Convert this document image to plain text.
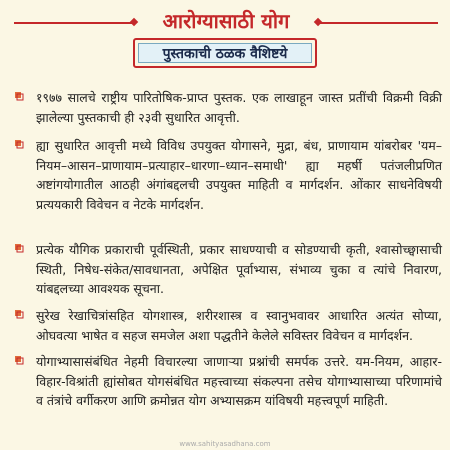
आरोग्यासाठी योग
पुस्तकाची ठळक वैशिष्टये
१९७७ सालचे राष्ट्रीय पारितोषिक-प्राप्त पुस्तक. एक लाखाहून जास्त प्रतींची विक्रमी विक्री झालेल्या पुस्तकाची ही २३वी सुधारित आवृत्ती.
ह्या सुधारित आवृत्ती मध्ये विविध उपयुक्त योगासने, मुद्रा, बंध, प्राणायाम यांबरोबर 'यम–नियम–आसन–प्राणायाम–प्रत्याहार–धारणा–ध्यान–समाधी' ह्या महर्षी पतंजलीप्रणित अष्टांगयोगातील आठही अंगांबद्दलची उपयुक्त माहिती व मार्गदर्शन. ओंकार साधनेविषयी प्रत्ययकारी विवेचन व नेटके मार्गदर्शन.
प्रत्येक यौगिक प्रकाराची पूर्वस्थिती, प्रकार साधण्याची व सोडण्याची कृती, श्वासोच्छ्वासाची स्थिती, निषेध-संकेत/सावधानता, अपेक्षित पूर्वाभ्यास, संभाव्य चुका व त्यांचे निवारण, यांबद्दलच्या आवश्यक सूचना.
सुरेख रेखाचित्रांसहित योगशास्त्र, शरीरशास्त्र व स्वानुभवावर आधारित अत्यंत सोप्या, ओघवत्या भाषेत व सहज समजेल अशा पद्धतीने केलेले सविस्तर विवेचन व मार्गदर्शन.
योगाभ्यासासंबंधित नेहमी विचारल्या जाणाऱ्या प्रश्नांची समर्पक उत्तरे. यम-नियम, आहार-विहार-विश्रांती ह्यांसोबत योगसंबंधित महत्त्वाच्या संकल्पना तसेच योगाभ्यासाच्या परिणामांचे व तंत्रांचे वर्गीकरण आणि क्रमोन्नत योग अभ्यासक्रम यांविषयी महत्त्वपूर्ण माहिती.
www.sahityasadhana.com
